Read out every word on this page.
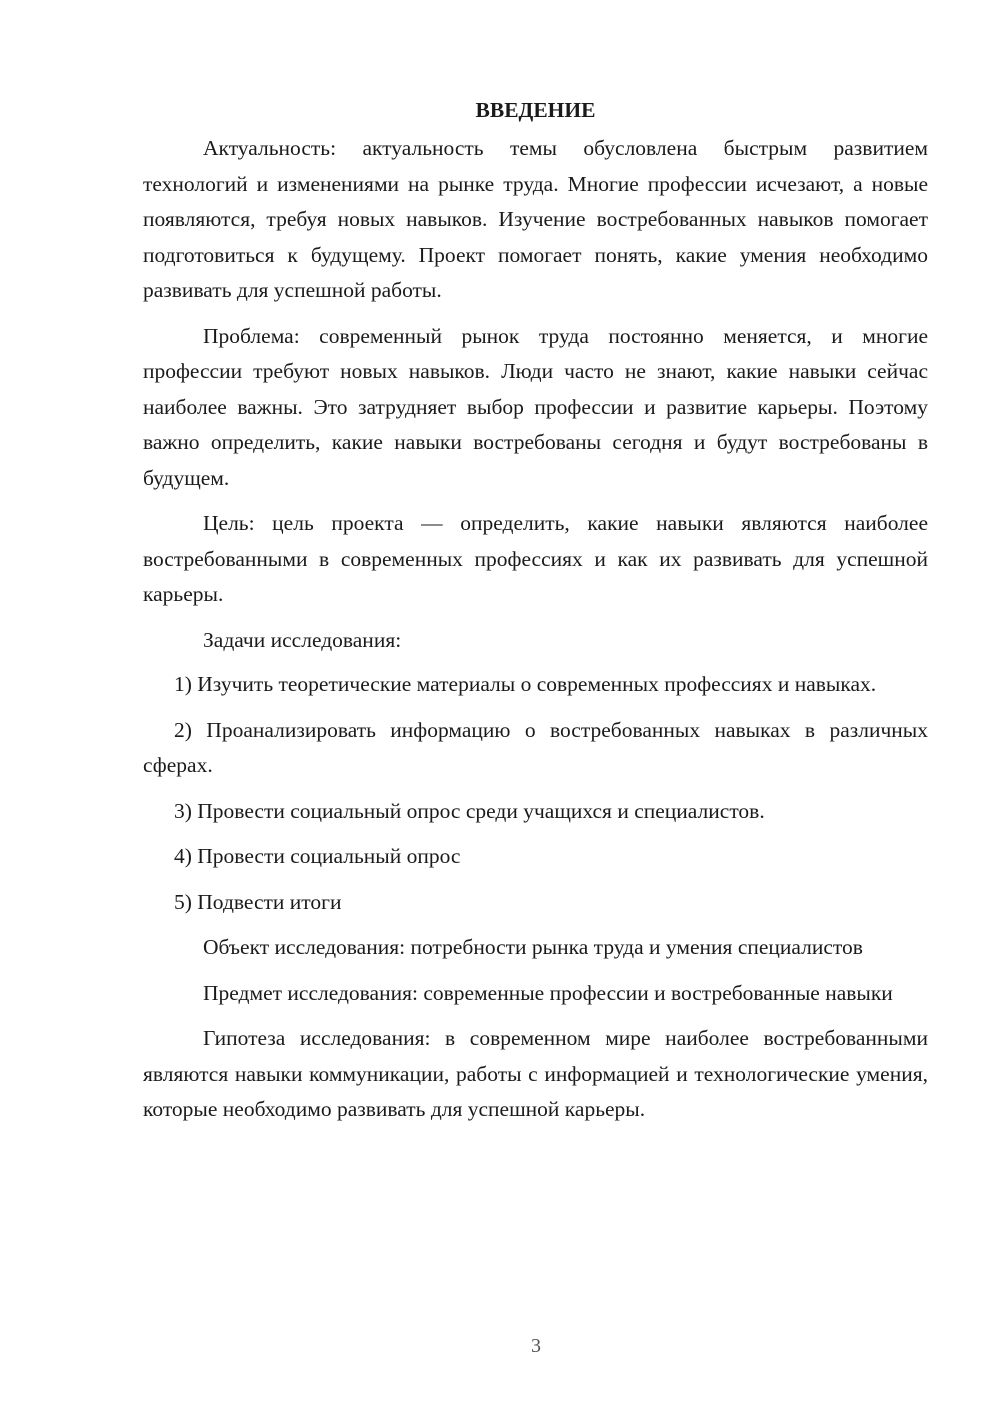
ВВЕДЕНИЕ

Актуальность: актуальность темы обусловлена быстрым развитием технологий и изменениями на рынке труда. Многие профессии исчезают, а новые появляются, требуя новых навыков. Изучение востребованных навыков помогает подготовиться к будущему. Проект помогает понять, какие умения необходимо развивать для успешной работы.

Проблема: современный рынок труда постоянно меняется, и многие профессии требуют новых навыков. Люди часто не знают, какие навыки сейчас наиболее важны. Это затрудняет выбор профессии и развитие карьеры. Поэтому важно определить, какие навыки востребованы сегодня и будут востребованы в будущем.

Цель: цель проекта — определить, какие навыки являются наиболее востребованными в современных профессиях и как их развивать для успешной карьеры.

Задачи исследования:

1) Изучить теоретические материалы о современных профессиях и навыках.

2) Проанализировать информацию о востребованных навыках в различных сферах.

3) Провести социальный опрос среди учащихся и специалистов.

4) Провести социальный опрос

5) Подвести итоги

Объект исследования: потребности рынка труда и умения специалистов

Предмет исследования: современные профессии и востребованные навыки

Гипотеза исследования: в современном мире наиболее востребованными являются навыки коммуникации, работы с информацией и технологические умения, которые необходимо развивать для успешной карьеры.

3
